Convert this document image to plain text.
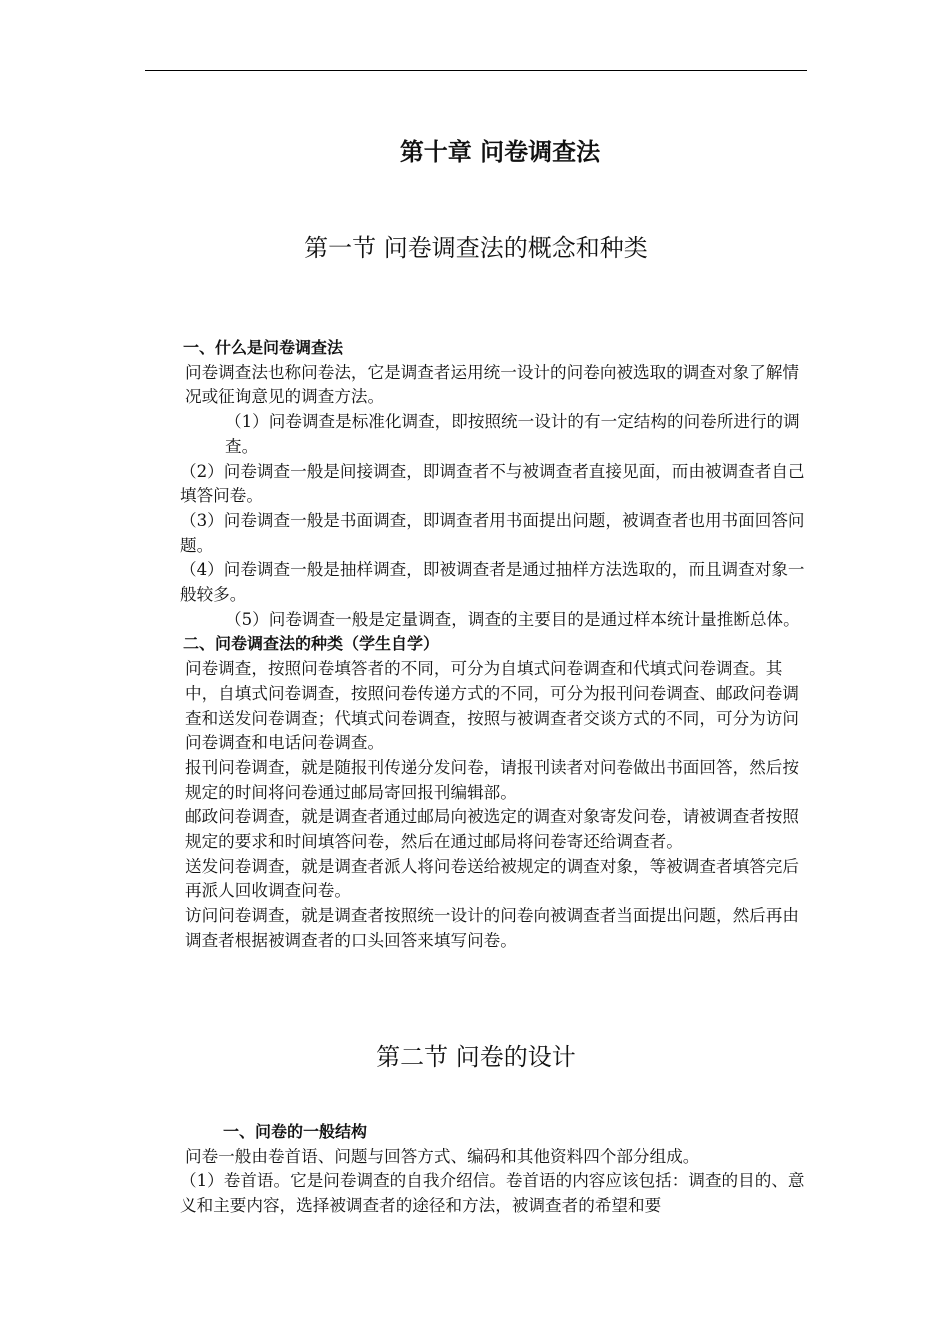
第十章 问卷调查法
第一节 问卷调查法的概念和种类

一、什么是问卷调查法

问卷调查法也称问卷法，它是调查者运用统一设计的问卷向被选取的调查对象了解情况或征询意见的调查方法。

（1）问卷调查是标准化调查，即按照统一设计的有一定结构的问卷所进行的调查。

（2）问卷调查一般是间接调查，即调查者不与被调查者直接见面，而由被调查者自己填答问卷。

（3）问卷调查一般是书面调查，即调查者用书面提出问题，被调查者也用书面回答问题。

（4）问卷调查一般是抽样调查，即被调查者是通过抽样方法选取的，而且调查对象一般较多。

（5）问卷调查一般是定量调查，调查的主要目的是通过样本统计量推断总体。

二、问卷调查法的种类（学生自学）

问卷调查，按照问卷填答者的不同，可分为自填式问卷调查和代填式问卷调查。其中，自填式问卷调查，按照问卷传递方式的不同，可分为报刊问卷调查、邮政问卷调查和送发问卷调查；代填式问卷调查，按照与被调查者交谈方式的不同，可分为访问问卷调查和电话问卷调查。

报刊问卷调查，就是随报刊传递分发问卷，请报刊读者对问卷做出书面回答，然后按规定的时间将问卷通过邮局寄回报刊编辑部。

邮政问卷调查，就是调查者通过邮局向被选定的调查对象寄发问卷，请被调查者按照规定的要求和时间填答问卷，然后在通过邮局将问卷寄还给调查者。

送发问卷调查，就是调查者派人将问卷送给被规定的调查对象，等被调查者填答完后再派人回收调查问卷。

访问问卷调查，就是调查者按照统一设计的问卷向被调查者当面提出问题，然后再由调查者根据被调查者的口头回答来填写问卷。

第二节 问卷的设计

一、问卷的一般结构

问卷一般由卷首语、问题与回答方式、编码和其他资料四个部分组成。

（1）卷首语。它是问卷调查的自我介绍信。卷首语的内容应该包括：调查的目的、意义和主要内容，选择被调查者的途径和方法，被调查者的希望和要
